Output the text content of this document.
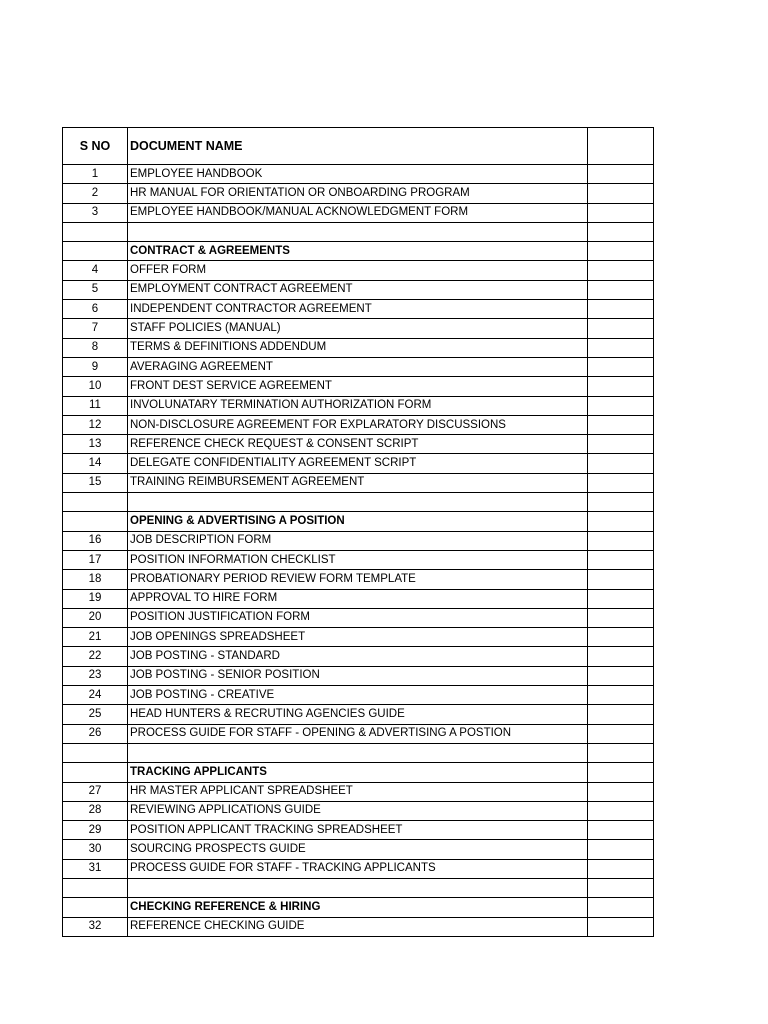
S NO	DOCUMENT NAME	
1	EMPLOYEE HANDBOOK	
2	HR MANUAL FOR ORIENTATION OR ONBOARDING PROGRAM	
3	EMPLOYEE HANDBOOK/MANUAL ACKNOWLEDGMENT FORM	

	CONTRACT & AGREEMENTS	
4	OFFER FORM	
5	EMPLOYMENT CONTRACT AGREEMENT	
6	INDEPENDENT CONTRACTOR AGREEMENT	
7	STAFF POLICIES (MANUAL)	
8	TERMS & DEFINITIONS ADDENDUM	
9	AVERAGING AGREEMENT	
10	FRONT DEST SERVICE AGREEMENT	
11	INVOLUNATARY TERMINATION AUTHORIZATION FORM	
12	NON-DISCLOSURE AGREEMENT FOR EXPLARATORY DISCUSSIONS	
13	REFERENCE CHECK REQUEST & CONSENT SCRIPT	
14	DELEGATE CONFIDENTIALITY AGREEMENT SCRIPT	
15	TRAINING REIMBURSEMENT AGREEMENT	

	OPENING & ADVERTISING A POSITION	
16	JOB DESCRIPTION FORM	
17	POSITION INFORMATION CHECKLIST	
18	PROBATIONARY PERIOD REVIEW FORM TEMPLATE	
19	APPROVAL TO HIRE FORM	
20	POSITION JUSTIFICATION FORM	
21	JOB OPENINGS SPREADSHEET	
22	JOB POSTING - STANDARD	
23	JOB POSTING - SENIOR POSITION	
24	JOB POSTING - CREATIVE	
25	HEAD HUNTERS & RECRUTING AGENCIES GUIDE	
26	PROCESS GUIDE FOR STAFF - OPENING & ADVERTISING A POSTION	

	TRACKING APPLICANTS	
27	HR MASTER APPLICANT SPREADSHEET	
28	REVIEWING APPLICATIONS GUIDE	
29	POSITION APPLICANT TRACKING SPREADSHEET	
30	SOURCING PROSPECTS GUIDE	
31	PROCESS GUIDE FOR STAFF - TRACKING APPLICANTS	

	CHECKING REFERENCE & HIRING	
32	REFERENCE CHECKING GUIDE	
